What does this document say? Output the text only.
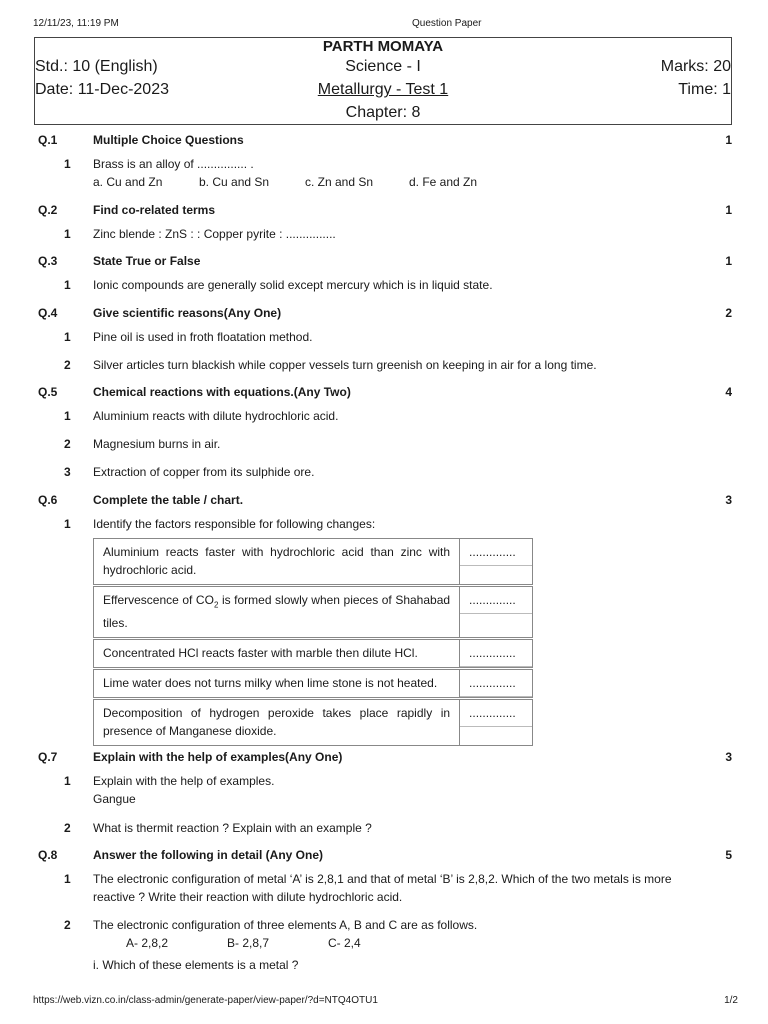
12/11/23, 11:19 PM	Question Paper
PARTH MOMAYA
Std.: 10 (English)	Science - I	Marks: 20
Date: 11-Dec-2023	Metallurgy - Test 1	Time: 1
Chapter: 8
Q.1	Multiple Choice Questions	1
1 Brass is an alloy of ............... .
a. Cu and Zn	b. Cu and Sn	c. Zn and Sn	d. Fe and Zn
Q.2	Find co-related terms	1
1 Zinc blende : ZnS : : Copper pyrite : ...............
Q.3	State True or False	1
1 Ionic compounds are generally solid except mercury which is in liquid state.
Q.4	Give scientific reasons(Any One)	2
1 Pine oil is used in froth floatation method.
2 Silver articles turn blackish while copper vessels turn greenish on keeping in air for a long time.
Q.5	Chemical reactions with equations.(Any Two)	4
1 Aluminium reacts with dilute hydrochloric acid.
2 Magnesium burns in air.
3 Extraction of copper from its sulphide ore.
Q.6	Complete the table / chart.	3
1 Identify the factors responsible for following changes:
Aluminium reacts faster with hydrochloric acid than zinc with hydrochloric acid.	..............

Effervescence of $CO_2$ is formed slowly when pieces of Shahabad tiles.	..............

Concentrated HCl reacts faster with marble then dilute HCl.	..............

Lime water does not turns milky when lime stone is not heated.	..............

Decomposition of hydrogen peroxide takes place rapidly in presence of Manganese dioxide.	..............
Q.7	Explain with the help of examples(Any One)	3
1 Explain with the help of examples.
Gangue
2 What is thermit reaction ? Explain with an example ?
Q.8	Answer the following in detail (Any One)	5
1 The electronic configuration of metal ‘A’ is 2,8,1 and that of metal ‘B’ is 2,8,2. Which of the two metals is more reactive ? Write their reaction with dilute hydrochloric acid.
2 The electronic configuration of three elements A, B and C are as follows.
A- 2,8,2	B- 2,8,7	C- 2,4
i. Which of these elements is a metal ?
https://web.vizn.co.in/class-admin/generate-paper/view-paper/?d=NTQ4OTU1	1/2
